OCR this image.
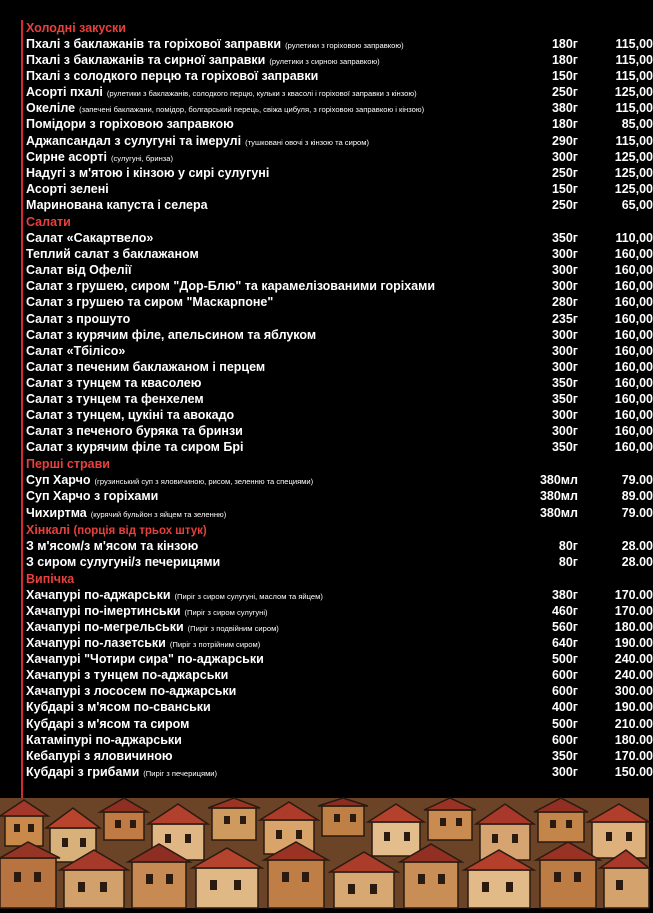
Холодні закуски
Пхалі з баклажанів та горіхової заправки (рулетики з горіховою заправкою)	180г	115,00
Пхалі з баклажанів та сирної заправки (рулетики з сирною заправкою)	180г	115,00
Пхалі з солодкого перцю та горіхової заправки	150г	115,00
Асорті пхалі (рулетики з баклажанів, солодкого перцю, кульки з квасолі і горіхової заправки з кінзою)	250г	125,00
Океліле (запечені баклажани, помідор, болгарський перець, свіжа цибуля, з горіховою заправкою і кінзою)	380г	115,00
Помідори з горіховою заправкою	180г	85,00
Аджапсандал з сулугуні та імерулі (тушковані овочі з кінзою та сиром)	290г	115,00
Сирне асорті (сулугуні, бринза)	300г	125,00
Надугі з м'ятою і кінзою у сирі сулугуні	250г	125,00
Асорті зелені	150г	125,00
Маринована капуста і селера	250г	65,00
Салати
Салат «Сакартвело»	350г	110,00
Теплий салат з баклажаном	300г	160,00
Салат від Офелії	300г	160,00
Салат з грушею, сиром "Дор-Блю" та карамелізованими горіхами	300г	160,00
Салат з грушею та сиром "Маскарпоне"	280г	160,00
Салат з прошуто	235г	160,00
Салат з курячим філе, апельсином та яблуком	300г	160,00
Салат «Тбілісо»	300г	160,00
Салат з печеним баклажаном і перцем	300г	160,00
Салат з тунцем та квасолею	350г	160,00
Салат з тунцем та фенхелем	350г	160,00
Салат з тунцем, цукіні та авокадо	300г	160,00
Салат з печеного буряка та бринзи	300г	160,00
Салат з курячим філе та сиром Брі	350г	160,00
Перші страви
Суп Харчо (грузинський суп з яловичиною, рисом, зеленню та специями)	380мл	79.00
Суп Харчо з горіхами	380мл	89.00
Чихиртма (курячий бульйон з яйцем та зеленню)	380мл	79.00
Хінкалі (порція від трьох штук)
З м'ясом/з м'ясом та кінзою	80г	28.00
З сиром сулугуні/з печерицями	80г	28.00
Випічка
Хачапурі по-аджарськи (Пиріг з сиром сулугуні, маслом та яйцем)	380г	170.00
Хачапурі по-імертинськи (Пиріг з сиром сулугуні)	460г	170.00
Хачапурі по-мегрельськи (Пиріг з подвійним сиром)	560г	180.00
Хачапурі по-лазетськи (Пиріг з потрійним сиром)	640г	190.00
Хачапурі "Чотири сира" по-аджарськи	500г	240.00
Хачапурі з тунцем по-аджарськи	600г	240.00
Хачапурі з лососем по-аджарськи	600г	300.00
Кубдарі з м'ясом по-сванськи	400г	190.00
Кубдарі з м'ясом та сиром	500г	210.00
Катаміпурі по-аджарськи	600г	180.00
Кебапурі з яловичиною	350г	170.00
Кубдарі з грибами (Пиріг з печерицями)	300г	150.00
